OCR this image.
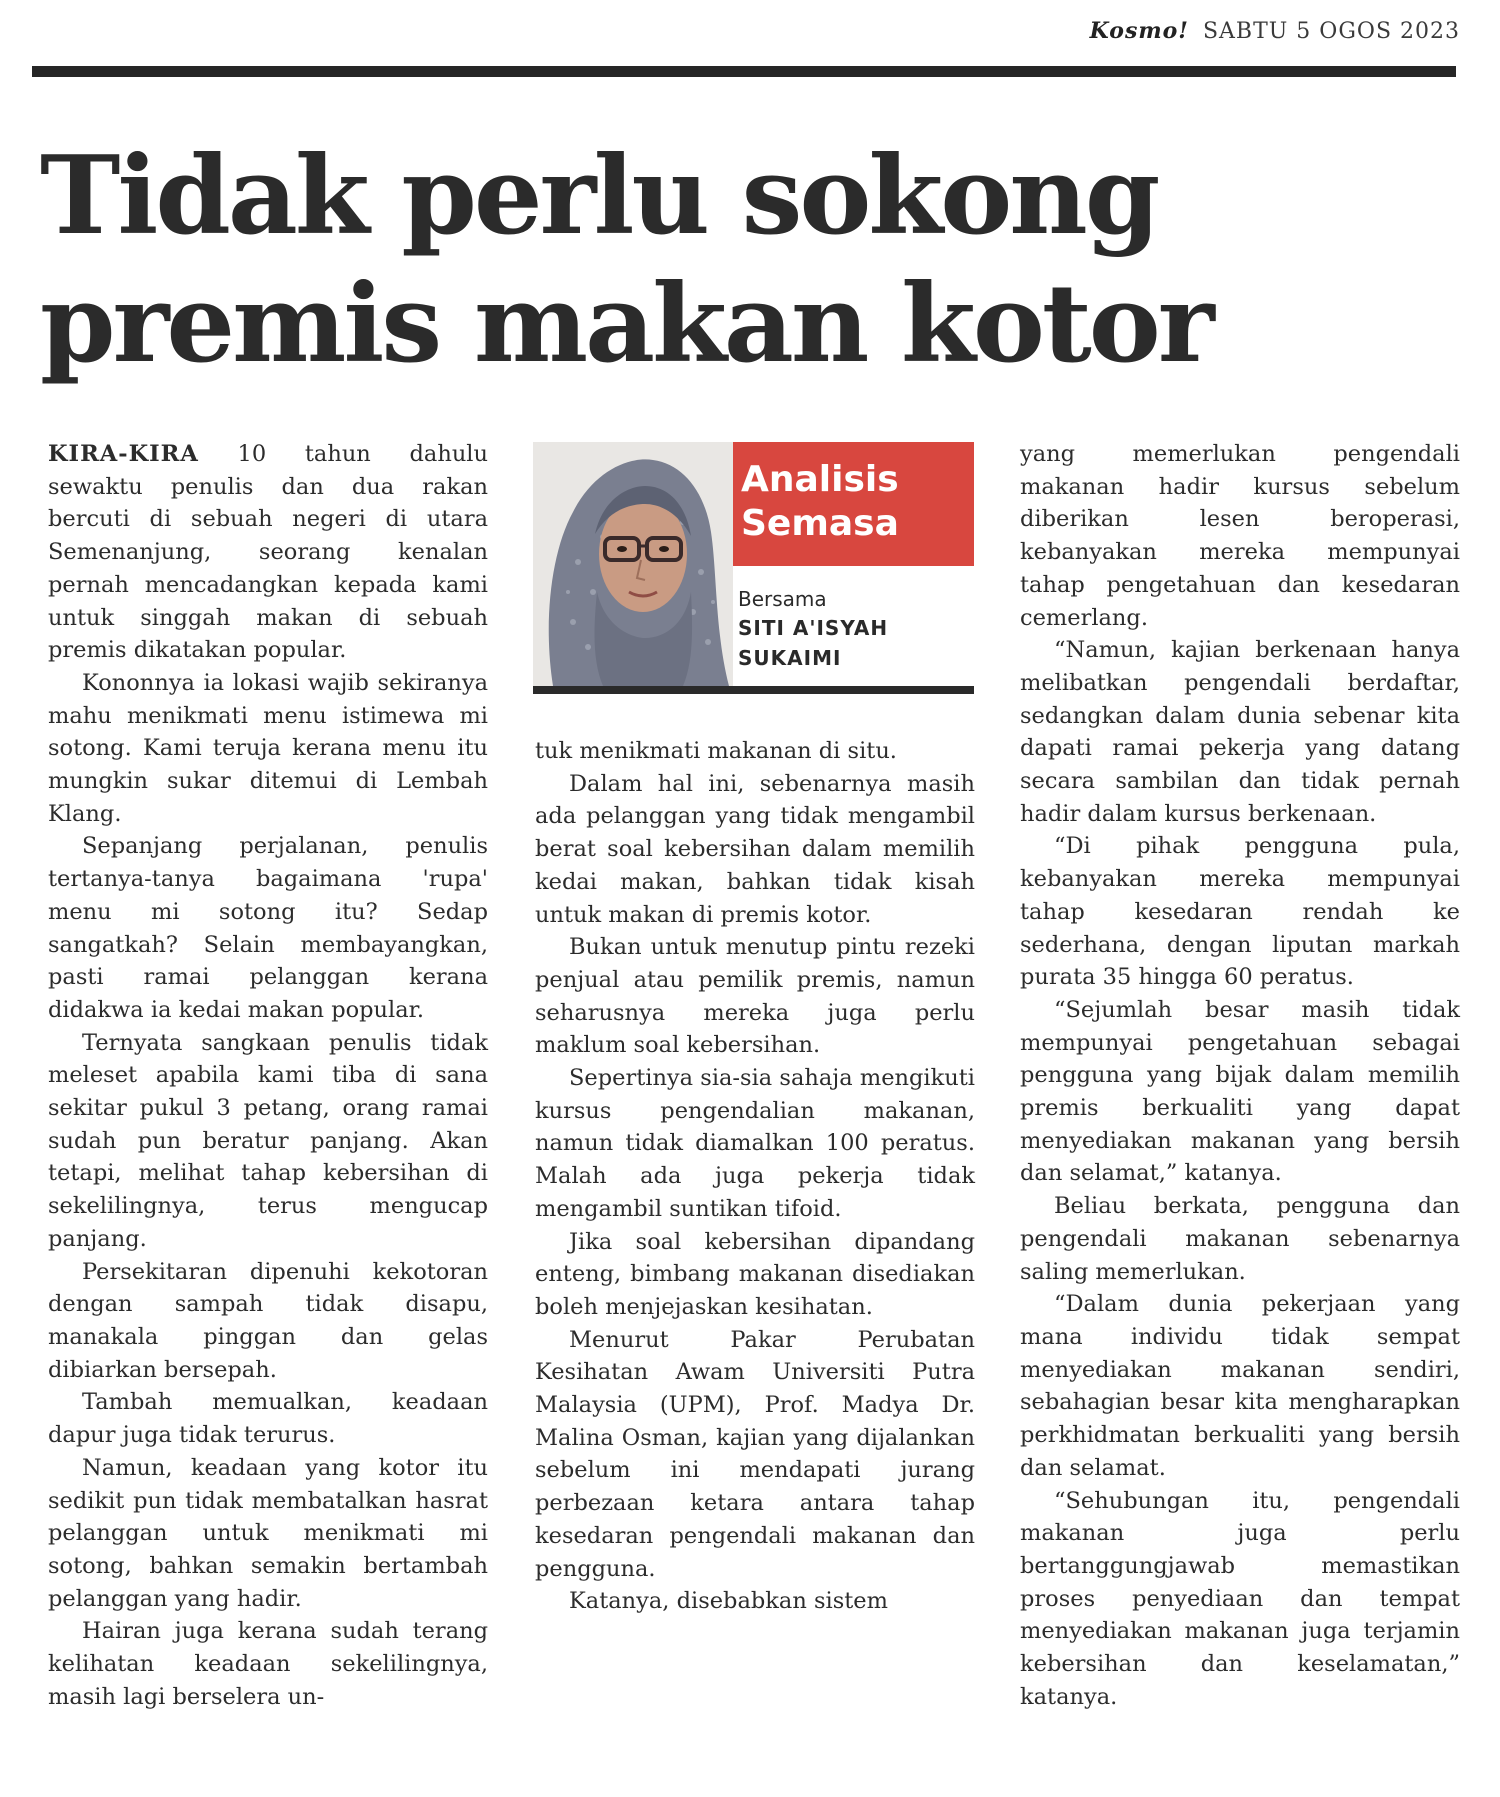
Kosmo! SABTU 5 OGOS 2023
Tidak perlu sokong
premis makan kotor

KIRA-KIRA 10 tahun dahulu sewaktu penulis dan dua rakan bercuti di sebuah negeri di utara Semenanjung, seorang kenalan pernah mencadangkan kepada kami untuk singgah makan di sebuah premis dikatakan popular.

Kononnya ia lokasi wajib sekiranya mahu menikmati menu istimewa mi sotong. Kami teruja kerana menu itu mungkin sukar ditemui di Lembah Klang.

Sepanjang perjalanan, penulis tertanya-tanya bagaimana 'rupa' menu mi sotong itu? Sedap sangatkah? Selain membayangkan, pasti ramai pelanggan kerana didakwa ia kedai makan popular.

Ternyata sangkaan penulis tidak meleset apabila kami tiba di sana sekitar pukul 3 petang, orang ramai sudah pun beratur panjang. Akan tetapi, melihat tahap kebersihan di sekelilingnya, terus mengucap panjang.

Persekitaran dipenuhi kekotoran dengan sampah tidak disapu, manakala pinggan dan gelas dibiarkan bersepah.

Tambah memualkan, keadaan dapur juga tidak terurus.

Namun, keadaan yang kotor itu sedikit pun tidak membatalkan hasrat pelanggan untuk menikmati mi sotong, bahkan semakin bertambah pelanggan yang hadir.

Hairan juga kerana sudah terang kelihatan keadaan sekelilingnya, masih lagi berselera un-

Analisis
Semasa
Bersama
SITI A'ISYAH
SUKAIMI

tuk menikmati makanan di situ.

Dalam hal ini, sebenarnya masih ada pelanggan yang tidak mengambil berat soal kebersihan dalam memilih kedai makan, bahkan tidak kisah untuk makan di premis kotor.

Bukan untuk menutup pintu rezeki penjual atau pemilik premis, namun seharusnya mereka juga perlu maklum soal kebersihan.

Sepertinya sia-sia sahaja mengikuti kursus pengendalian makanan, namun tidak diamalkan 100 peratus. Malah ada juga pekerja tidak mengambil suntikan tifoid.

Jika soal kebersihan dipandang enteng, bimbang makanan disediakan boleh menjejaskan kesihatan.

Menurut Pakar Perubatan Kesihatan Awam Universiti Putra Malaysia (UPM), Prof. Madya Dr. Malina Osman, kajian yang dijalankan sebelum ini mendapati jurang perbezaan ketara antara tahap kesedaran pengendali makanan dan pengguna.

Katanya, disebabkan sistem

yang memerlukan pengendali makanan hadir kursus sebelum diberikan lesen beroperasi, kebanyakan mereka mempunyai tahap pengetahuan dan kesedaran cemerlang.

“Namun, kajian berkenaan hanya melibatkan pengendali berdaftar, sedangkan dalam dunia sebenar kita dapati ramai pekerja yang datang secara sambilan dan tidak pernah hadir dalam kursus berkenaan.

“Di pihak pengguna pula, kebanyakan mereka mempunyai tahap kesedaran rendah ke sederhana, dengan liputan markah purata 35 hingga 60 peratus.

“Sejumlah besar masih tidak mempunyai pengetahuan sebagai pengguna yang bijak dalam memilih premis berkualiti yang dapat menyediakan makanan yang bersih dan selamat,” katanya.

Beliau berkata, pengguna dan pengendali makanan sebenarnya saling memerlukan.

“Dalam dunia pekerjaan yang mana individu tidak sempat menyediakan makanan sendiri, sebahagian besar kita mengharapkan perkhidmatan berkualiti yang bersih dan selamat.

“Sehubungan itu, pengendali makanan juga perlu bertanggungjawab memastikan proses penyediaan dan tempat menyediakan makanan juga terjamin kebersihan dan keselamatan,” katanya.
